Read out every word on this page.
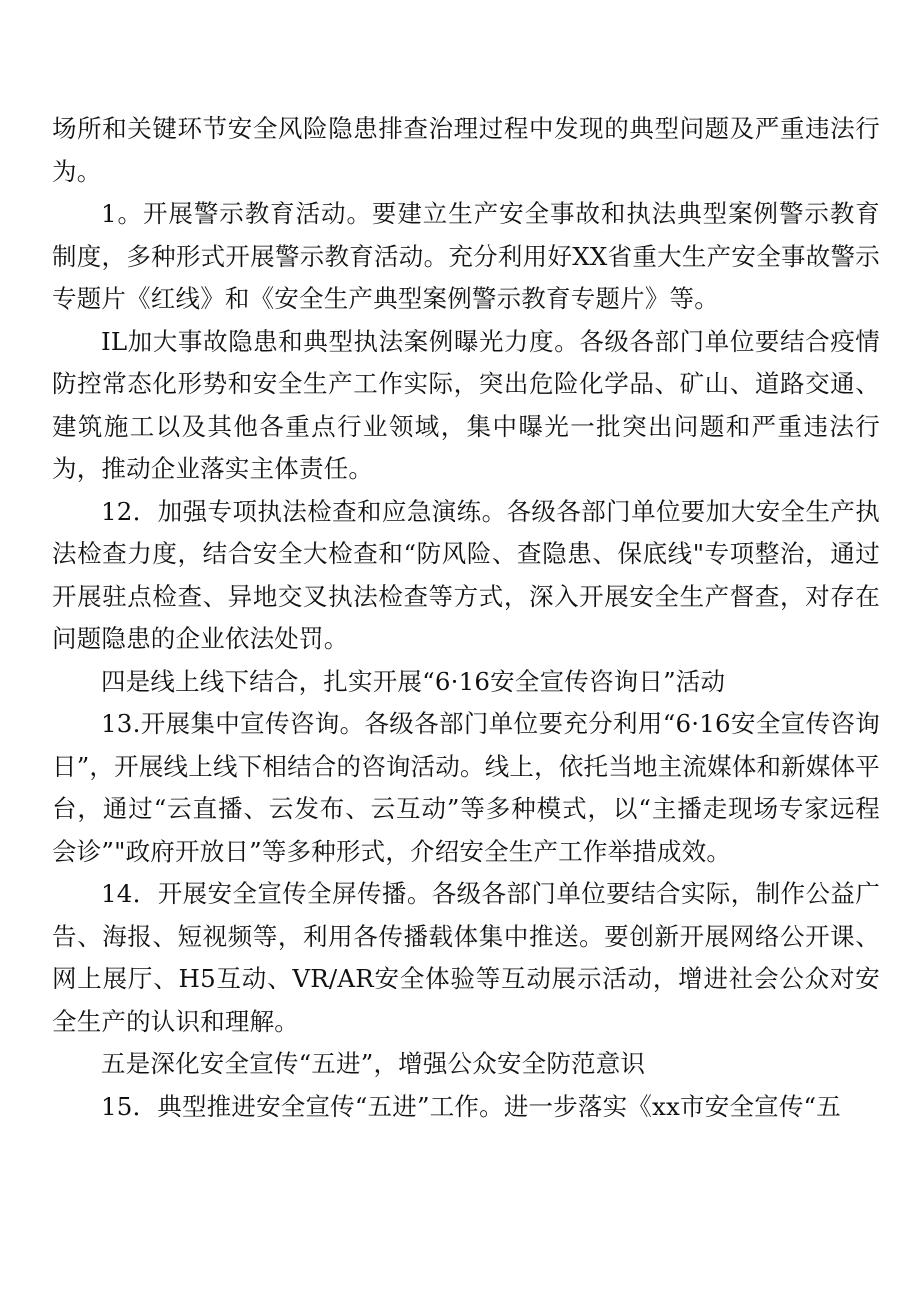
场所和关键环节安全风险隐患排查治理过程中发现的典型问题及严重违法行为。

1。开展警示教育活动。要建立生产安全事故和执法典型案例警示教育制度，多种形式开展警示教育活动。充分利用好XX省重大生产安全事故警示专题片《红线》和《安全生产典型案例警示教育专题片》等。

IL加大事故隐患和典型执法案例曝光力度。各级各部门单位要结合疫情防控常态化形势和安全生产工作实际，突出危险化学品、矿山、道路交通、建筑施工以及其他各重点行业领域，集中曝光一批突出问题和严重违法行为，推动企业落实主体责任。

12．加强专项执法检查和应急演练。各级各部门单位要加大安全生产执法检查力度，结合安全大检查和“防风险、查隐患、保底线"专项整治，通过开展驻点检查、异地交叉执法检查等方式，深入开展安全生产督查，对存在问题隐患的企业依法处罚。

四是线上线下结合，扎实开展“6·16安全宣传咨询日”活动

13.开展集中宣传咨询。各级各部门单位要充分利用“6·16安全宣传咨询日”，开展线上线下相结合的咨询活动。线上，依托当地主流媒体和新媒体平台，通过“云直播、云发布、云互动”等多种模式，以“主播走现场专家远程会诊”"政府开放日”等多种形式，介绍安全生产工作举措成效。

14．开展安全宣传全屏传播。各级各部门单位要结合实际，制作公益广告、海报、短视频等，利用各传播载体集中推送。要创新开展网络公开课、网上展厅、H5互动、VR/AR安全体验等互动展示活动，增进社会公众对安全生产的认识和理解。

五是深化安全宣传“五进”，增强公众安全防范意识

15．典型推进安全宣传“五进”工作。进一步落实《xx市安全宣传“五
